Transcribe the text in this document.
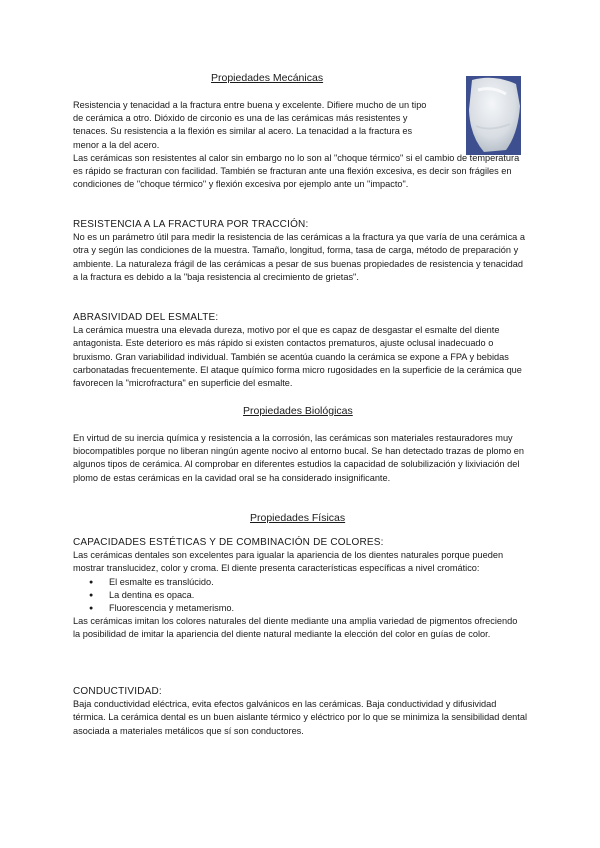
Propiedades Mecánicas

Resistencia y tenacidad a la fractura entre buena y excelente. Difiere mucho de un tipo

de cerámica a otro. Dióxido de circonio es una de las cerámicas más resistentes y

tenaces. Su resistencia a la flexión es similar al acero. La tenacidad a la fractura es

menor a la del acero.

Las cerámicas son resistentes al calor sin embargo no lo son al "choque térmico" si el cambio de temperatura es rápido se fracturan con facilidad. También se fracturan ante una flexión excesiva, es decir son frágiles en condiciones de "choque térmico" y flexión excesiva por ejemplo ante un "impacto".

RESISTENCIA A LA FRACTURA POR TRACCIÓN:

No es un parámetro útil para medir la resistencia de las cerámicas a la fractura ya que varía de una cerámica a otra y según las condiciones de la muestra. Tamaño, longitud, forma, tasa de carga, método de preparación y ambiente. La naturaleza frágil de las cerámicas a pesar de sus buenas propiedades de resistencia y tenacidad a la fractura es debido a la "baja resistencia al crecimiento de grietas".

ABRASIVIDAD DEL ESMALTE:

La cerámica muestra una elevada dureza, motivo por el que es capaz de desgastar el esmalte del diente antagonista. Este deterioro es más rápido si existen contactos prematuros, ajuste oclusal inadecuado o bruxismo. Gran variabilidad individual. También se acentúa cuando la cerámica se expone a FPA y bebidas carbonatadas frecuentemente. El ataque químico forma micro rugosidades en la superficie de la cerámica que favorecen la "microfractura" en superficie del esmalte.

Propiedades Biológicas

En virtud de su inercia química y resistencia a la corrosión, las cerámicas son materiales restauradores muy biocompatibles porque no liberan ningún agente nocivo al entorno bucal. Se han detectado trazas de plomo en algunos tipos de cerámica. Al comprobar en diferentes estudios la capacidad de solubilización y lixiviación del plomo de estas cerámicas en la cavidad oral se ha considerado insignificante.

Propiedades Físicas

CAPACIDADES ESTÉTICAS Y DE COMBINACIÓN DE COLORES:

Las cerámicas dentales son excelentes para igualar la apariencia de los dientes naturales porque pueden mostrar translucidez, color y croma. El diente presenta características específicas a nivel cromático:

● El esmalte es translúcido.
● La dentina es opaca.
● Fluorescencia y metamerismo.

Las cerámicas imitan los colores naturales del diente mediante una amplia variedad de pigmentos ofreciendo la posibilidad de imitar la apariencia del diente natural mediante la elección del color en guías de color.

CONDUCTIVIDAD:

Baja conductividad eléctrica, evita efectos galvánicos en las cerámicas. Baja conductividad y difusividad térmica. La cerámica dental es un buen aislante térmico y eléctrico por lo que se minimiza la sensibilidad dental asociada a materiales metálicos que sí son conductores.
